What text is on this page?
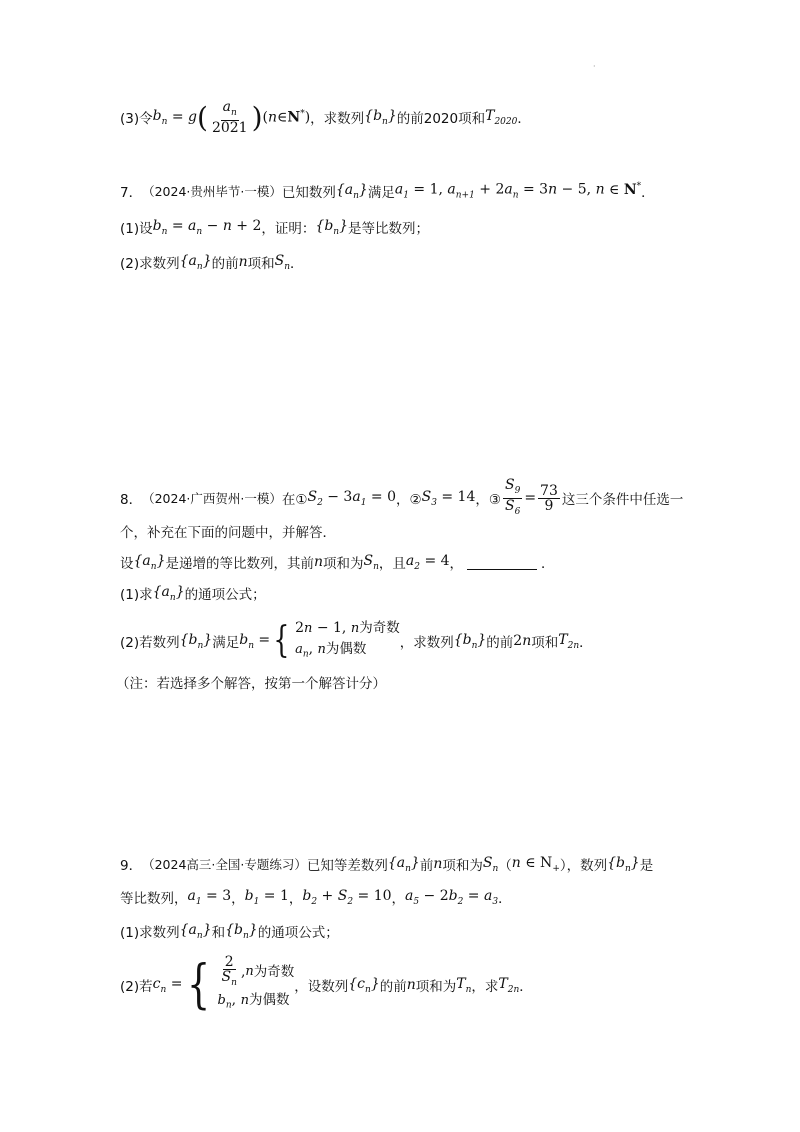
·
(3)令 $b_n = g$ ( $\frac{a_n}{2021}$ ) (n∈N*) ，求数列 $\{b_n\}$ 的前2020项和 $T_{2020}$ ．
7． （2024·贵州毕节·一模） 已知数列 $\{a_n\}$ 满足 $a_1 = 1$, $a_{n+1} + 2a_n = 3n - 5$, n ∈ N* ．
(1)设 $b_n = a_n - n + 2$ ，证明： $\{b_n\}$ 是等比数列；
(2)求数列 $\{a_n\}$ 的前 n 项和 $S_n$ ．
8． （2024·广西贺州·一模） 在① $S_2 - 3a_1 = 0$ ，② $S_3 = 14$ ，③ $\frac{S_9}{S_6} = \frac{73}{9}$ 这三个条件中任选一
个，补充在下面的问题中，并解答．
设 $\{a_n\}$ 是递增的等比数列，其前 n 项和为 $S_n$ ，且 $a_2 = 4$ ，	．
(1)求 $\{a_n\}$ 的通项公式；
(2)若数列 $\{b_n\}$ 满足 $b_n$ = { 2n − 1, n为奇数
$a_n$, n为偶数	，求数列 $\{b_n\}$ 的前 2n 项和 $T_{2n}$ ．
（注：若选择多个解答，按第一个解答计分）
9． （2024高三·全国·专题练习） 已知等差数列 $\{a_n\}$ 前 n 项和为 $S_n$ （ n ∈ $N_+$ ），数列 $\{b_n\}$ 是
等比数列， $a_1 = 3$ ， $b_1 = 1$ ， $b_2 + S_2 = 10$ ， $a_5 - 2b_2 = a_3$ ．
(1)求数列 $\{a_n\}$ 和 $\{b_n\}$ 的通项公式；
(2)若 $c_n$ = { $\frac{2}{S_n}$ , n 为奇数
$b_n$, n为偶数
，设数列 $\{c_n\}$ 的前 n 项和为 $T_n$ ，求 $T_{2n}$ ．
